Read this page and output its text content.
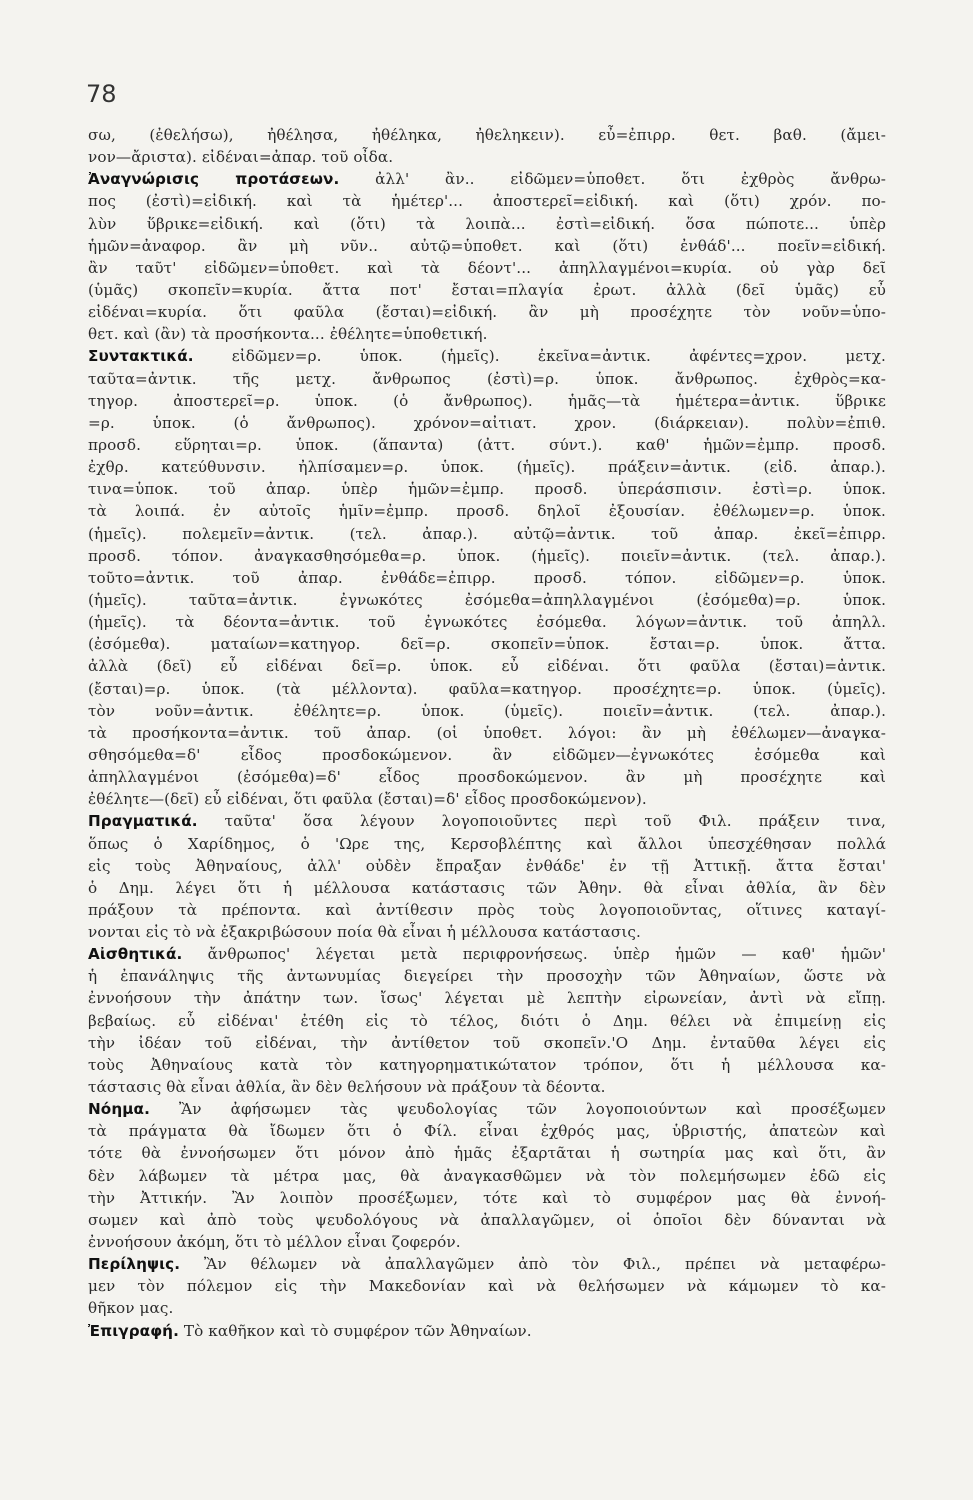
78
σω, (ἐθελήσω), ἠθέλησα, ἠθέληκα, ἠθεληκειν). εὖ=ἐπιρρ. θετ. βαθ. (ἄμει-
νον—ἄριστα). εἰδέναι=ἀπαρ. τοῦ οἶδα.
Ἀναγνώρισις προτάσεων. ἀλλ' ἂν.. εἰδῶμεν=ὑποθετ. ὅτι ἐχθρὸς ἄνθρω-
πος (ἐστὶ)=εἰδική. καὶ τὰ ἡμέτερ'... ἀποστερεῖ=εἰδική. καὶ (ὅτι) χρόν. πο-
λὺν ὕβρικε=εἰδική. καὶ (ὅτι) τὰ λοιπὰ... ἐστὶ=εἰδική. ὅσα πώποτε... ὑπὲρ
ἡμῶν=ἀναφορ. ἂν μὴ νῦν.. αὐτῷ=ὑποθετ. καὶ (ὅτι) ἐνθάδ'... ποεῖν=εἰδική.
ἂν ταῦτ' εἰδῶμεν=ὑποθετ. καὶ τὰ δέοντ'... ἀπηλλαγμένοι=κυρία. οὐ γὰρ δεῖ
(ὑμᾶς) σκοπεῖν=κυρία. ἄττα ποτ' ἔσται=πλαγία ἐρωτ. ἀλλὰ (δεῖ ὑμᾶς) εὖ
εἰδέναι=κυρία. ὅτι φαῦλα (ἔσται)=εἰδική. ἂν μὴ προσέχητε τὸν νοῦν=ὑπο-
θετ. καὶ (ἂν) τὰ προσήκοντα... ἐθέλητε=ὑποθετική.
Συντακτικά. εἰδῶμεν=ρ. ὑποκ. (ἡμεῖς). ἐκεῖνα=ἀντικ. ἀφέντες=χρον. μετχ.
ταῦτα=ἀντικ. τῆς μετχ. ἄνθρωπος (ἐστὶ)=ρ. ὑποκ. ἄνθρωπος. ἐχθρὸς=κα-
τηγορ. ἀποστερεῖ=ρ. ὑποκ. (ὁ ἄνθρωπος). ἡμᾶς—τὰ ἡμέτερα=ἀντικ. ὕβρικε
=ρ. ὑποκ. (ὁ ἄνθρωπος). χρόνον=αἰτιατ. χρον. (διάρκειαν). πολὺν=ἐπιθ.
προσδ. εὕρηται=ρ. ὑποκ. (ἅπαντα) (ἀττ. σύντ.). καθ' ἡμῶν=ἐμπρ. προσδ.
ἐχθρ. κατεύθυνσιν. ἠλπίσαμεν=ρ. ὑποκ. (ἡμεῖς). πράξειν=ἀντικ. (εἰδ. ἀπαρ.).
τινα=ὑποκ. τοῦ ἀπαρ. ὑπὲρ ἡμῶν=ἐμπρ. προσδ. ὑπεράσπισιν. ἐστὶ=ρ. ὑποκ.
τὰ λοιπά. ἐν αὐτοῖς ἡμῖν=ἐμπρ. προσδ. δηλοῖ ἐξουσίαν. ἐθέλωμεν=ρ. ὑποκ.
(ἡμεῖς). πολεμεῖν=ἀντικ. (τελ. ἀπαρ.). αὐτῷ=ἀντικ. τοῦ ἀπαρ. ἐκεῖ=ἐπιρρ.
προσδ. τόπον. ἀναγκασθησόμεθα=ρ. ὑποκ. (ἡμεῖς). ποιεῖν=ἀντικ. (τελ. ἀπαρ.).
τοῦτο=ἀντικ. τοῦ ἀπαρ. ἐνθάδε=ἐπιρρ. προσδ. τόπον. εἰδῶμεν=ρ. ὑποκ.
(ἡμεῖς). ταῦτα=ἀντικ. ἐγνωκότες ἐσόμεθα=ἀπηλλαγμένοι (ἐσόμεθα)=ρ. ὑποκ.
(ἡμεῖς). τὰ δέοντα=ἀντικ. τοῦ ἐγνωκότες ἐσόμεθα. λόγων=ἀντικ. τοῦ ἀπηλλ.
(ἐσόμεθα). ματαίων=κατηγορ. δεῖ=ρ. σκοπεῖν=ὑποκ. ἔσται=ρ. ὑποκ. ἄττα.
ἀλλὰ (δεῖ) εὖ εἰδέναι δεῖ=ρ. ὑποκ. εὖ εἰδέναι. ὅτι φαῦλα (ἔσται)=ἀντικ.
(ἔσται)=ρ. ὑποκ. (τὰ μέλλοντα). φαῦλα=κατηγορ. προσέχητε=ρ. ὑποκ. (ὑμεῖς).
τὸν νοῦν=ἀντικ. ἐθέλητε=ρ. ὑποκ. (ὑμεῖς). ποιεῖν=ἀντικ. (τελ. ἀπαρ.).
τὰ προσήκοντα=ἀντικ. τοῦ ἀπαρ. (οἱ ὑποθετ. λόγοι: ἂν μὴ ἐθέλωμεν—ἀναγκα-
σθησόμεθα=δ' εἶδος προσδοκώμενον. ἂν εἰδῶμεν—ἐγνωκότες ἐσόμεθα καὶ
ἀπηλλαγμένοι (ἐσόμεθα)=δ' εἶδος προσδοκώμενον. ἂν μὴ προσέχητε καὶ
ἐθέλητε—(δεῖ) εὖ εἰδέναι, ὅτι φαῦλα (ἔσται)=δ' εἶδος προσδοκώμενον).
Πραγματικά. ταῦτα' ὅσα λέγουν λογοποιοῦντες περὶ τοῦ Φιλ. πράξειν τινα,
ὅπως ὁ Χαρίδημος, ὁ 'Ωρε της, Κερσοβλέπτης καὶ ἄλλοι ὑπεσχέθησαν πολλά
εἰς τοὺς Ἀθηναίους, ἀλλ' οὐδὲν ἔπραξαν ἐνθάδε' ἐν τῇ Ἀττικῇ. ἄττα ἔσται'
ὁ Δημ. λέγει ὅτι ἡ μέλλουσα κατάστασις τῶν Ἀθην. θὰ εἶναι ἀθλία, ἂν δὲν
πράξουν τὰ πρέποντα. καὶ ἀντίθεσιν πρὸς τοὺς λογοποιοῦντας, οἵτινες καταγί-
νονται εἰς τὸ νὰ ἐξακριβώσουν ποία θὰ εἶναι ἡ μέλλουσα κατάστασις.
Αἰσθητικά. ἄνθρωπος' λέγεται μετὰ περιφρονήσεως. ὑπὲρ ἡμῶν — καθ' ἡμῶν'
ἡ ἐπανάληψις τῆς ἀντωνυμίας διεγείρει τὴν προσοχὴν τῶν Ἀθηναίων, ὥστε νὰ
ἐννοήσουν τὴν ἀπάτην των. ἴσως' λέγεται μὲ λεπτὴν εἰρωνείαν, ἀντὶ νὰ εἴπῃ.
βεβαίως. εὖ εἰδέναι' ἐτέθη εἰς τὸ τέλος, διότι ὁ Δημ. θέλει νὰ ἐπιμείνῃ εἰς
τὴν ἰδέαν τοῦ εἰδέναι, τὴν ἀντίθετον τοῦ σκοπεῖν.'Ο Δημ. ἐνταῦθα λέγει εἰς
τοὺς Ἀθηναίους κατὰ τὸν κατηγορηματικώτατον τρόπον, ὅτι ἡ μέλλουσα κα-
τάστασις θὰ εἶναι ἀθλία, ἂν δὲν θελήσουν νὰ πράξουν τὰ δέοντα.
Νόημα. Ἂν ἀφήσωμεν τὰς ψευδολογίας τῶν λογοποιούντων καὶ προσέξωμεν
τὰ πράγματα θὰ ἴδωμεν ὅτι ὁ Φίλ. εἶναι ἐχθρός μας, ὑβριστής, ἀπατεὼν καὶ
τότε θὰ ἐννοήσωμεν ὅτι μόνον ἀπὸ ἡμᾶς ἐξαρτᾶται ἡ σωτηρία μας καὶ ὅτι, ἂν
δὲν λάβωμεν τὰ μέτρα μας, θὰ ἀναγκασθῶμεν νὰ τὸν πολεμήσωμεν ἐδῶ εἰς
τὴν Ἀττικήν. Ἂν λοιπὸν προσέξωμεν, τότε καὶ τὸ συμφέρον μας θὰ ἐννοή-
σωμεν καὶ ἀπὸ τοὺς ψευδολόγους νὰ ἀπαλλαγῶμεν, οἱ ὁποῖοι δὲν δύνανται νὰ
ἐννοήσουν ἀκόμη, ὅτι τὸ μέλλον εἶναι ζοφερόν.
Περίληψις. Ἂν θέλωμεν νὰ ἀπαλλαγῶμεν ἀπὸ τὸν Φιλ., πρέπει νὰ μεταφέρω-
μεν τὸν πόλεμον εἰς τὴν Μακεδονίαν καὶ νὰ θελήσωμεν νὰ κάμωμεν τὸ κα-
θῆκον μας.
Ἐπιγραφή. Τὸ καθῆκον καὶ τὸ συμφέρον τῶν Ἀθηναίων.
